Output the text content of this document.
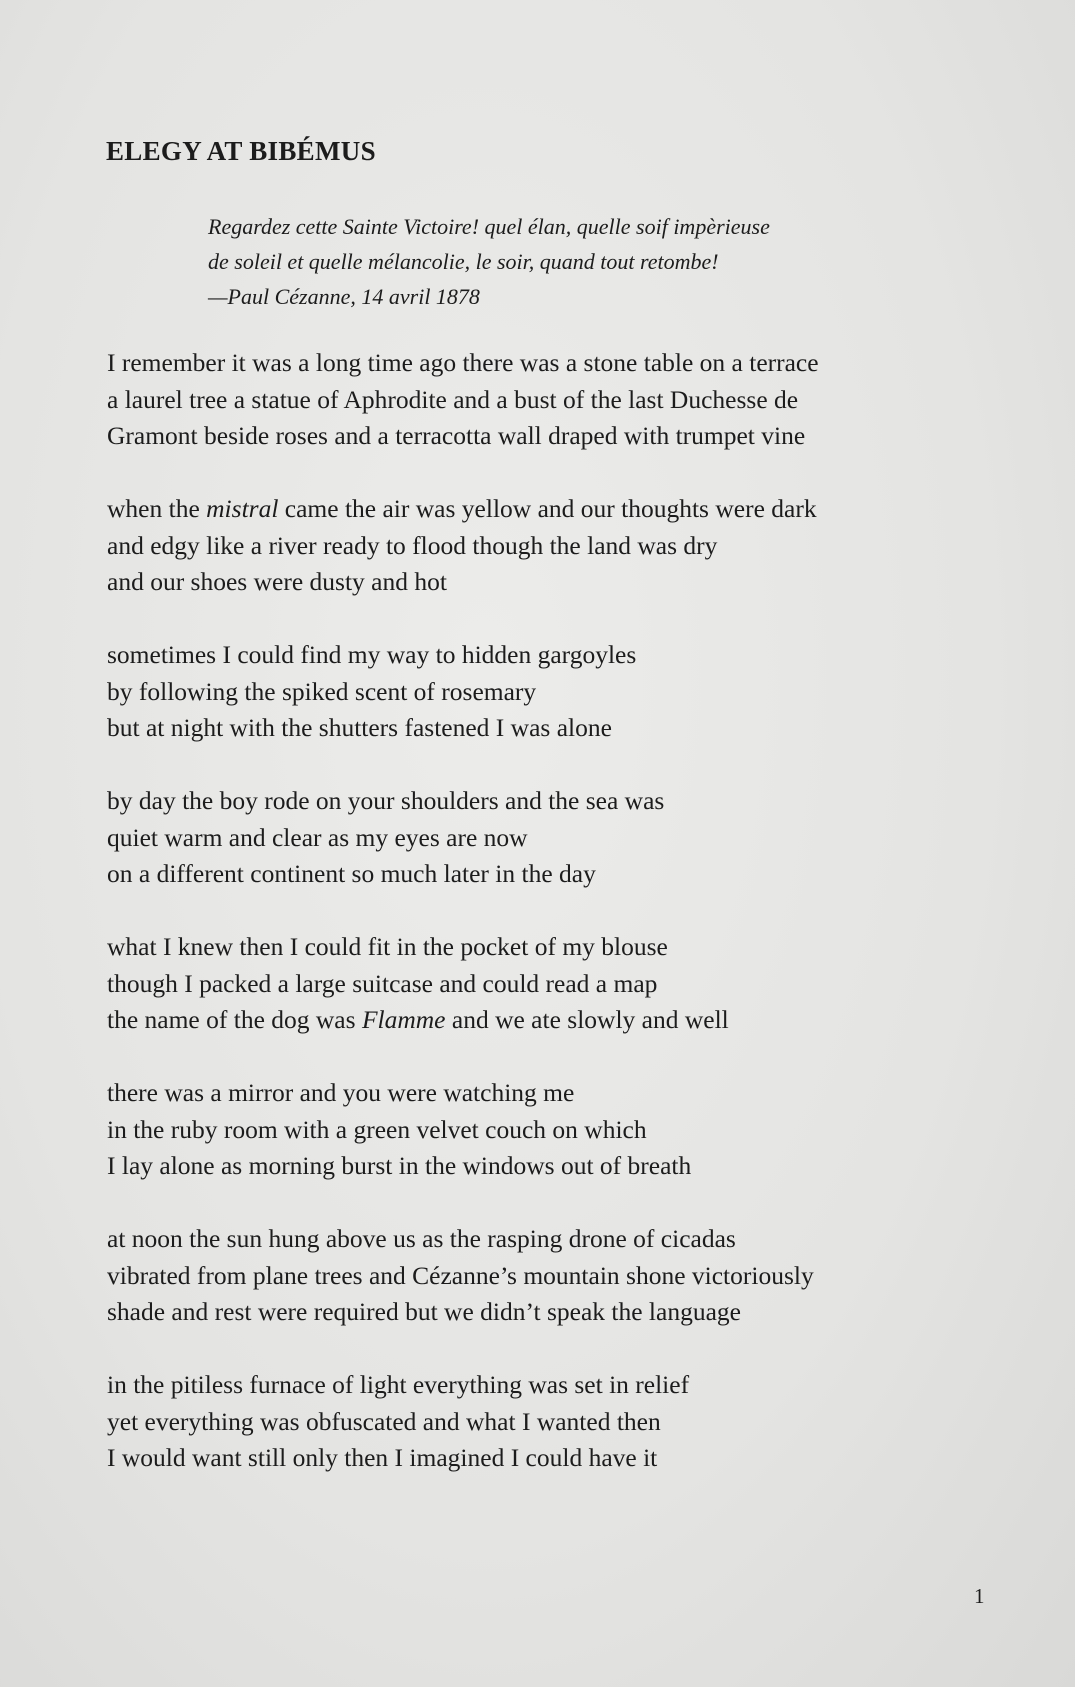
ELEGY AT BIBÉMUS
Regardez cette Sainte Victoire! quel élan, quelle soif impèrieuse
de soleil et quelle mélancolie, le soir, quand tout retombe!
—Paul Cézanne, 14 avril 1878
I remember it was a long time ago there was a stone table on a terrace
a laurel tree a statue of Aphrodite and a bust of the last Duchesse de
Gramont beside roses and a terracotta wall draped with trumpet vine
when the mistral came the air was yellow and our thoughts were dark
and edgy like a river ready to flood though the land was dry
and our shoes were dusty and hot
sometimes I could find my way to hidden gargoyles
by following the spiked scent of rosemary
but at night with the shutters fastened I was alone
by day the boy rode on your shoulders and the sea was
quiet warm and clear as my eyes are now
on a different continent so much later in the day
what I knew then I could fit in the pocket of my blouse
though I packed a large suitcase and could read a map
the name of the dog was Flamme and we ate slowly and well
there was a mirror and you were watching me
in the ruby room with a green velvet couch on which
I lay alone as morning burst in the windows out of breath
at noon the sun hung above us as the rasping drone of cicadas
vibrated from plane trees and Cézanne’s mountain shone victoriously
shade and rest were required but we didn’t speak the language
in the pitiless furnace of light everything was set in relief
yet everything was obfuscated and what I wanted then
I would want still only then I imagined I could have it
1
